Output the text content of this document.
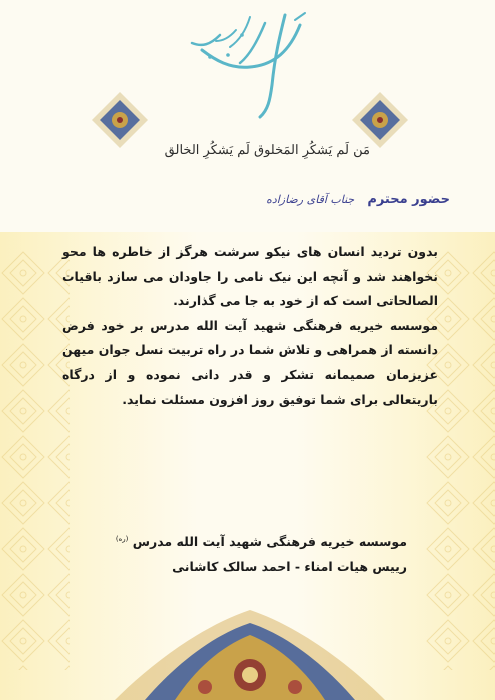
مَن لَم یَشکُرِ المَخلوق لَم یَشکُرِ الخالق
حضور محترم جناب آقای رضازاده

بدون تردید انسان های نیکو سرشت هرگز از خاطره ها محو نخواهند شد و آنچه این نیک نامی را جاودان می سازد باقیات الصالحاتی است که از خود به جا می گذارند.

موسسه خیریه فرهنگی شهید آیت الله مدرس بر خود فرض دانسته از همراهی و تلاش شما در راه تربیت نسل جوان میهن عزیزمان صمیمانه تشکر و قدر دانی نموده و از درگاه باریتعالی برای شما توفیق روز افزون مسئلت نماید.

موسسه خیریه فرهنگی شهید آیت الله مدرس $^{(ره)}$
رییس هیات امناء - احمد سالک کاشانی
